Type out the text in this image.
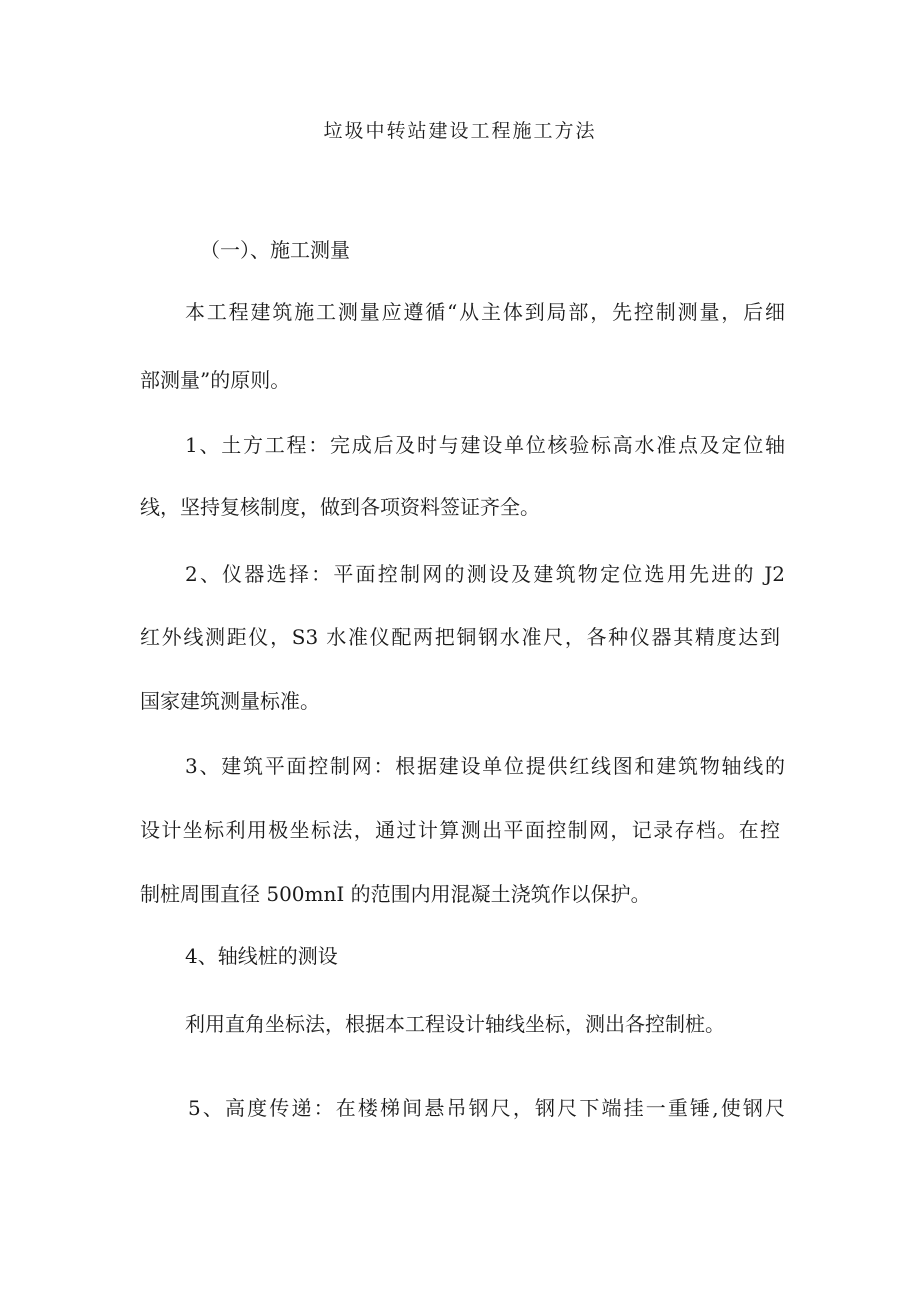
垃圾中转站建设工程施工方法
（一）、施工测量
本工程建筑施工测量应遵循“从主体到局部，先控制测量，后细
部测量”的原则。
1、土方工程：完成后及时与建设单位核验标高水准点及定位轴
线，坚持复核制度，做到各项资料签证齐全。
2、仪器选择：平面控制网的测设及建筑物定位选用先进的 J2
红外线测距仪，S3 水准仪配两把铜钢水准尺，各种仪器其精度达到
国家建筑测量标准。
3、建筑平面控制网：根据建设单位提供红线图和建筑物轴线的
设计坐标利用极坐标法，通过计算测出平面控制网，记录存档。在控
制桩周围直径 500mnI 的范围内用混凝土浇筑作以保护。
4、轴线桩的测设
利用直角坐标法，根据本工程设计轴线坐标，测出各控制桩。
5、高度传递：在楼梯间悬吊钢尺，钢尺下端挂一重锤,使钢尺
